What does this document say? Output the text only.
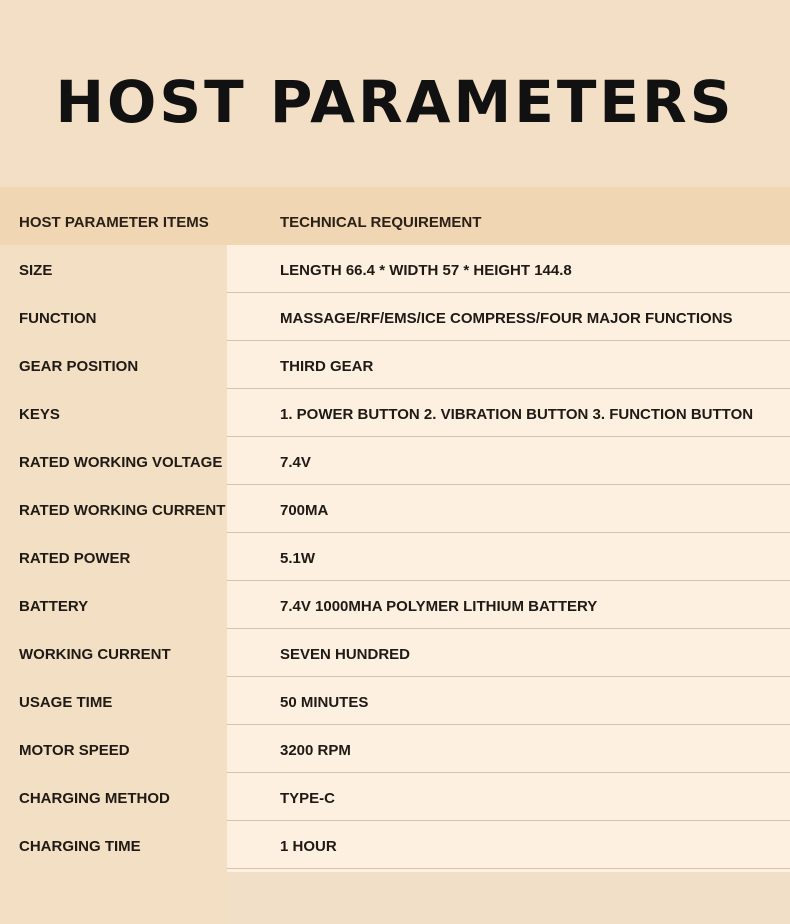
HOST PARAMETERS
HOST PARAMETER ITEMS	TECHNICAL REQUIREMENT
SIZE	LENGTH 66.4 * WIDTH 57 * HEIGHT 144.8
FUNCTION	MASSAGE/RF/EMS/ICE COMPRESS/FOUR MAJOR FUNCTIONS
GEAR POSITION	THIRD GEAR
KEYS	1. POWER BUTTON 2. VIBRATION BUTTON 3. FUNCTION BUTTON
RATED WORKING VOLTAGE	7.4V
RATED WORKING CURRENT	700MA
RATED POWER	5.1W
BATTERY	7.4V 1000MHA POLYMER LITHIUM BATTERY
WORKING CURRENT	SEVEN HUNDRED
USAGE TIME	50 MINUTES
MOTOR SPEED	3200 RPM
CHARGING METHOD	TYPE-C
CHARGING TIME	1 HOUR
